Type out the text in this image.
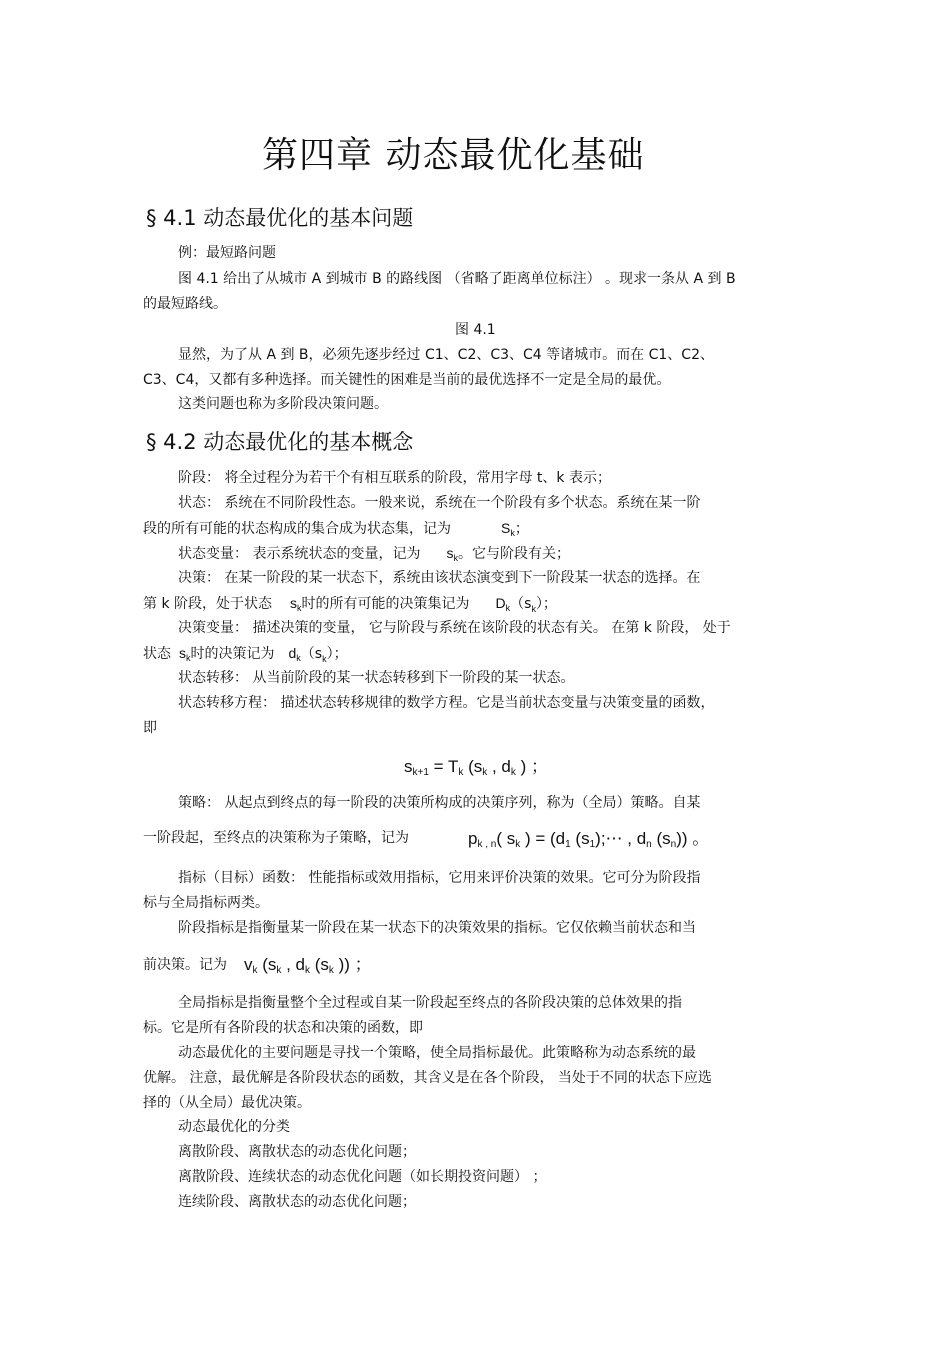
第四章 动态最优化基础
§ 4.1 动态最优化的基本问题
例：最短路问题
图 4.1 给出了从城市 A 到城市 B 的路线图 （省略了距离单位标注） 。现求一条从 A 到 B
的最短路线。
图 4.1
显然，为了从 A 到 B，必须先逐步经过 C1、C2、C3、C4 等诸城市。而在 C1、C2、
C3、C4，又都有多种选择。而关键性的困难是当前的最优选择不一定是全局的最优。
这类问题也称为多阶段决策问题。
§ 4.2 动态最优化的基本概念
阶段： 将全过程分为若干个有相互联系的阶段，常用字母 t、k 表示；
状态： 系统在不同阶段性态。一般来说，系统在一个阶段有多个状态。系统在某一阶
段的所有可能的状态构成的集合成为状态集，记为	$S_k$；
状态变量： 表示系统状态的变量，记为 $s_k$。它与阶段有关；
决策： 在某一阶段的某一状态下，系统由该状态演变到下一阶段某一状态的选择。在
第 k 阶段，处于状态 $s_k$时的所有可能的决策集记为 $D_k(s_k)$；
决策变量： 描述决策的变量， 它与阶段与系统在该阶段的状态有关。 在第 k 阶段， 处于
状态 $s_k$时的决策记为 $d_k(s_k)$；
状态转移： 从当前阶段的某一状态转移到下一阶段的某一状态。
状态转移方程： 描述状态转移规律的数学方程。它是当前状态变量与决策变量的函数，
即
$s_{k+1} = T_k$ ($s_k$ , $d_k$ ) ；
策略： 从起点到终点的每一阶段的决策所构成的决策序列，称为（全局）策略。自某
一阶段起，至终点的决策称为子策略，记为	$p_{k , n}$( $s_k$ ) = ($d_1$ $(s_1);\cdots$ , $d_n$ $(s_n)$) 。
指标（目标）函数： 性能指标或效用指标，它用来评价决策的效果。它可分为阶段指
标与全局指标两类。
阶段指标是指衡量某一阶段在某一状态下的决策效果的指标。它仅依赖当前状态和当
前决策。记为 $v_k$ ($s_k$ , $d_k$ ($s_k$ )) ；
全局指标是指衡量整个全过程或自某一阶段起至终点的各阶段决策的总体效果的指
标。它是所有各阶段的状态和决策的函数，即
动态最优化的主要问题是寻找一个策略，使全局指标最优。此策略称为动态系统的最
优解。 注意，最优解是各阶段状态的函数，其含义是在各个阶段， 当处于不同的状态下应选
择的（从全局）最优决策。
动态最优化的分类
离散阶段、离散状态的动态优化问题；
离散阶段、连续状态的动态优化问题（如长期投资问题） ；
连续阶段、离散状态的动态优化问题；
